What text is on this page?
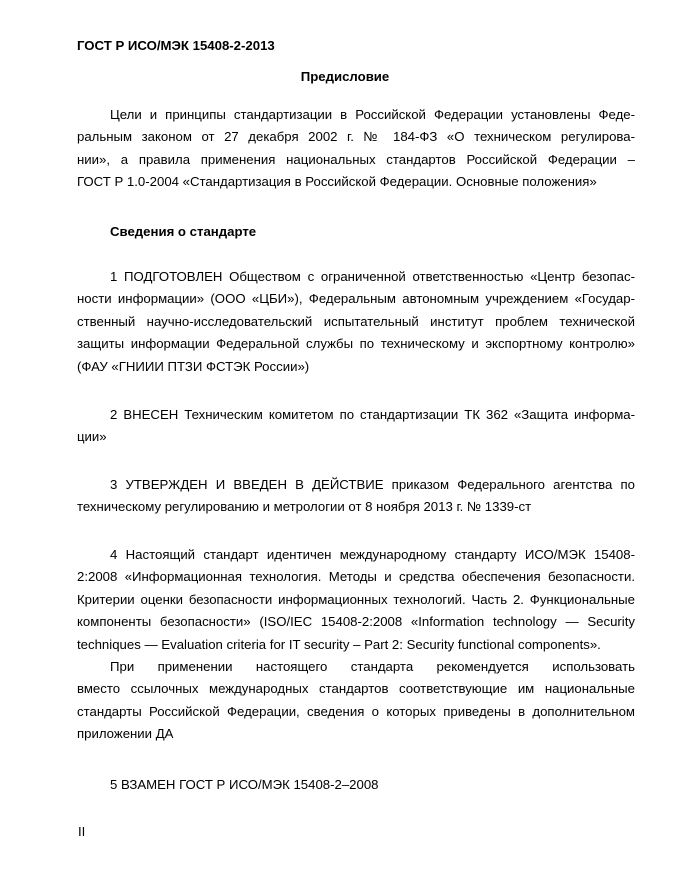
ГОСТ Р ИСО/МЭК 15408-2-2013
Предисловие
Цели и принципы стандартизации в Российской Федерации установлены Феде-
ральным законом от 27 декабря 2002 г. № 184-ФЗ «О техническом регулирова-
нии», а правила применения национальных стандартов Российской Федерации –
ГОСТ Р 1.0-2004 «Стандартизация в Российской Федерации. Основные положения»
Сведения о стандарте
1 ПОДГОТОВЛЕН Обществом с ограниченной ответственностью «Центр безопас-
ности информации» (ООО «ЦБИ»), Федеральным автономным учреждением «Государ-
ственный научно-исследовательский испытательный институт проблем технической
защиты информации Федеральной службы по техническому и экспортному контролю»
(ФАУ «ГНИИИ ПТЗИ ФСТЭК России»)
2 ВНЕСЕН Техническим комитетом по стандартизации ТК 362 «Защита информа-
ции»
3 УТВЕРЖДЕН И ВВЕДЕН В ДЕЙСТВИЕ приказом Федерального агентства по
техническому регулированию и метрологии от 8 ноября 2013 г. № 1339-ст
4 Настоящий стандарт идентичен международному стандарту ИСО/МЭК 15408-
2:2008 «Информационная технология. Методы и средства обеспечения безопасности.
Критерии оценки безопасности информационных технологий. Часть 2. Функциональные
компоненты безопасности» (ISO/IEC 15408-2:2008 «Information technology — Security
techniques — Evaluation criteria for IT security – Part 2: Security functional components».
При применении настоящего стандарта рекомендуется использовать
вместо ссылочных международных стандартов соответствующие им национальные
стандарты Российской Федерации, сведения о которых приведены в дополнительном
приложении ДА
5 ВЗАМЕН ГОСТ Р ИСО/МЭК 15408-2–2008
II
